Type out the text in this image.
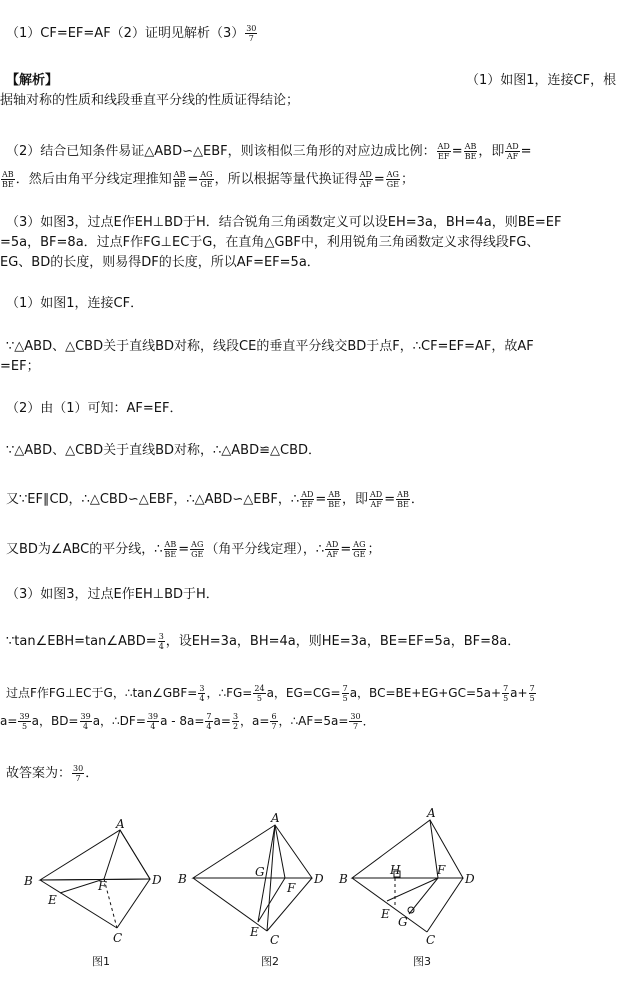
（1）CF=EF=AF（2）证明见解析$(3) \frac{30}{7}$
【解析】	（1）如图1，连接CF，根
据轴对称的性质和线段垂直平分线的性质证得结论；
（2）结合已知条件易证△ABD∽△EBF，则该相似三角形的对应边成比例： $\frac{AD}{EF} = \frac{AB}{BE}$ ，即 $\frac{AD}{AF}$ =
$\frac{AB}{BE}$ ．然后由角平分线定理推知 $\frac{AB}{BE} = \frac{AG}{GE}$ ，所以根据等量代换证得 $\frac{AD}{AF} = \frac{AG}{GE}$ ；
（3）如图3，过点E作EH⊥BD于H．结合锐角三角函数定义可以设EH=3a，BH=4a，则BE=EF
=5a，BF=8a．过点F作FG⊥EC于G，在直角△GBF中，利用锐角三角函数定义求得线段FG、
EG、BD的长度，则易得DF的长度，所以AF=EF=5a．
（1）如图1，连接CF．
∵△ABD、△CBD关于直线BD对称，线段CE的垂直平分线交BD于点F，∴CF=EF=AF，故AF
=EF；
（2）由（1）可知：AF=EF．
∵△ABD、△CBD关于直线BD对称，∴△ABD≌△CBD．
又∵EF∥CD，∴△CBD∽△EBF，∴△ABD∽△EBF，∴ $\frac{AD}{EF} = \frac{AB}{BE}$ ，即 $\frac{AD}{AF} = \frac{AB}{BE}$ ．
又BD为∠ABC的平分线，∴ $\frac{AB}{BE} = \frac{AG}{GE}$ （角平分线定理），∴ $\frac{AD}{AF} = \frac{AG}{GE}$ ；
（3）如图3，过点E作EH⊥BD于H．
∵tan∠EBH=tan∠ABD= $\frac{3}{4}$ ，设EH=3a，BH=4a，则HE=3a，BE=EF=5a，BF=8a．
过点F作FG⊥EC于G，∴tan∠GBF= $\frac{3}{4}$ ，∴FG= $\frac{24}{5}$ a，$EG=CG= \frac{7}{5}$ a，$BC=BE+EG+GC=5a+ \frac{7}{5} a+ \frac{7}{5}$
$a= \frac{39}{5}$ a，$BD= \frac{39}{4}$ a，∴DF= $\frac{39}{4}$ $a - 8a= \frac{7}{4} a= \frac{3}{2}$ ，$a= \frac{6}{7}$ ，∴AF=5a= $\frac{30}{7}$ ．
故答案为： $\frac{30}{7}$ ．
A
B
C
D
E
F
A
B
C
D
E
F
G
A
B
C
D
E
F
G
H
图1	图2	图3
